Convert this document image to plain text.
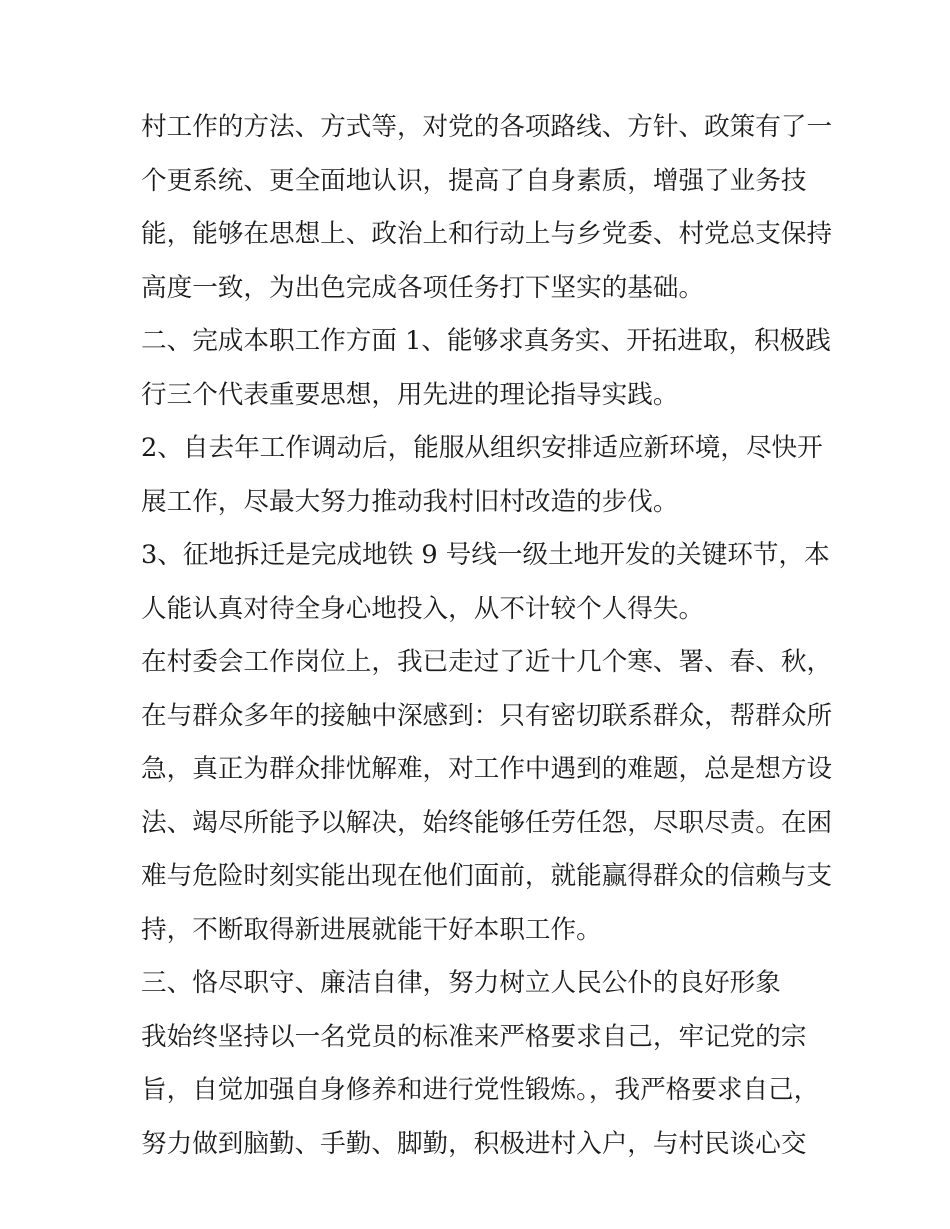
村工作的方法、方式等，对党的各项路线、方针、政策有了一
个更系统、更全面地认识，提高了自身素质，增强了业务技
能，能够在思想上、政治上和行动上与乡党委、村党总支保持
高度一致，为出色完成各项任务打下坚实的基础。
二、完成本职工作方面 1、能够求真务实、开拓进取，积极践
行三个代表重要思想，用先进的理论指导实践。
2、自去年工作调动后，能服从组织安排适应新环境，尽快开
展工作，尽最大努力推动我村旧村改造的步伐。
3、征地拆迁是完成地铁 9 号线一级土地开发的关键环节，本
人能认真对待全身心地投入，从不计较个人得失。
在村委会工作岗位上，我已走过了近十几个寒、署、春、秋，
在与群众多年的接触中深感到：只有密切联系群众，帮群众所
急，真正为群众排忧解难，对工作中遇到的难题，总是想方设
法、竭尽所能予以解决，始终能够任劳任怨，尽职尽责。在困
难与危险时刻实能出现在他们面前，就能赢得群众的信赖与支
持，不断取得新进展就能干好本职工作。
三、恪尽职守、廉洁自律，努力树立人民公仆的良好形象
我始终坚持以一名党员的标准来严格要求自己，牢记党的宗
旨，自觉加强自身修养和进行党性锻炼。，我严格要求自己，
努力做到脑勤、手勤、脚勤，积极进村入户，与村民谈心交
